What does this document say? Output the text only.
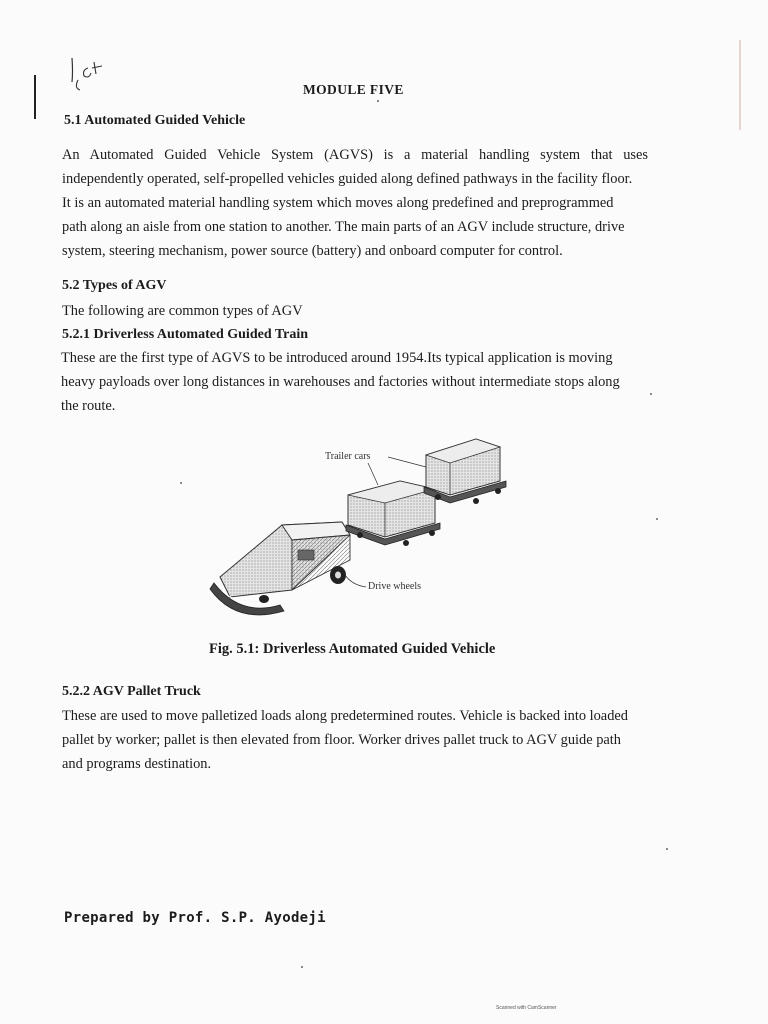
MODULE FIVE
5.1 Automated Guided Vehicle
An Automated Guided Vehicle System (AGVS) is a material handling system that uses
independently operated, self-propelled vehicles guided along defined pathways in the facility floor.
It is an automated material handling system which moves along predefined and preprogrammed
path along an aisle from one station to another. The main parts of an AGV include structure, drive
system, steering mechanism, power source (battery) and onboard computer for control.
5.2 Types of AGV
The following are common types of AGV
5.2.1 Driverless Automated Guided Train
These are the first type of AGVS to be introduced around 1954.Its typical application is moving
heavy payloads over long distances in warehouses and factories without intermediate stops along
the route.
Trailer cars
Drive wheels
Fig. 5.1: Driverless Automated Guided Vehicle
5.2.2 AGV Pallet Truck
These are used to move palletized loads along predetermined routes. Vehicle is backed into loaded
pallet by worker; pallet is then elevated from floor. Worker drives pallet truck to AGV guide path
and programs destination.
Prepared by Prof. S.P. Ayodeji
Scanned with CamScanner
